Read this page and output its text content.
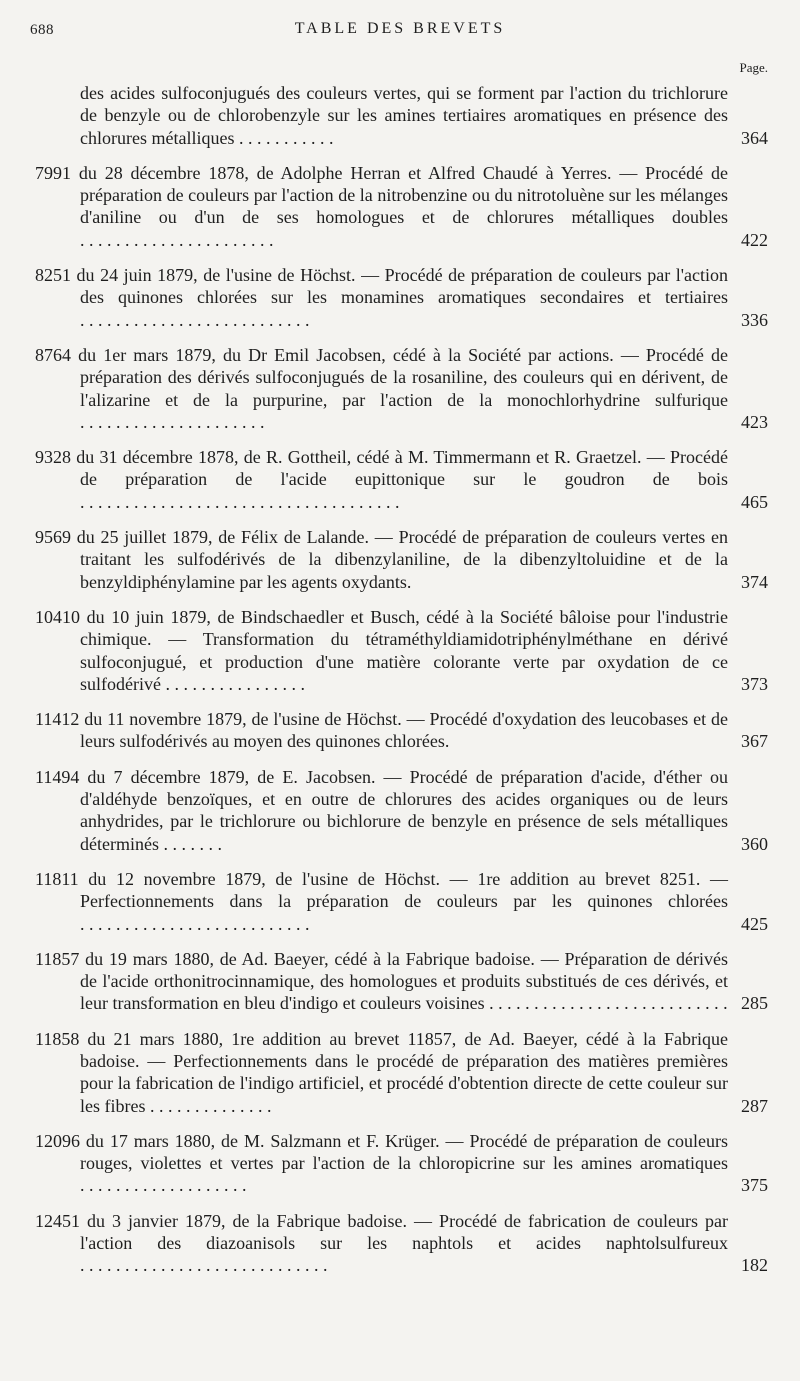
688	TABLE DES BREVETS
Page.
des acides sulfoconjugués des couleurs vertes, qui se forment par l'action du trichlorure de benzyle ou de chlorobenzyle sur les amines tertiaires aromatiques en présence des chlorures métalliques . . . . . . . . . . .	364
7991 du 28 décembre 1878, de Adolphe Herran et Alfred Chaudé à Yerres. — Procédé de préparation de couleurs par l'action de la nitrobenzine ou du nitrotoluène sur les mélanges d'aniline ou d'un de ses homologues et de chlorures métalliques doubles . . . . . . . . . . . . . . . . . . . . . .	422
8251 du 24 juin 1879, de l'usine de Höchst. — Procédé de préparation de couleurs par l'action des quinones chlorées sur les monamines aromatiques secondaires et tertiaires . . . . . . . . . . . . . . . . . . . . . . . . . .	336
8764 du 1er mars 1879, du Dr Emil Jacobsen, cédé à la Société par actions. — Procédé de préparation des dérivés sulfoconjugués de la rosaniline, des couleurs qui en dérivent, de l'alizarine et de la purpurine, par l'action de la monochlorhydrine sulfurique . . . . . . . . . . . . . . . . . . . . .	423
9328 du 31 décembre 1878, de R. Gottheil, cédé à M. Timmermann et R. Graetzel. — Procédé de préparation de l'acide eupittonique sur le goudron de bois . . . . . . . . . . . . . . . . . . . . . . . . . . . . . . . . . . . .	465
9569 du 25 juillet 1879, de Félix de Lalande. — Procédé de préparation de couleurs vertes en traitant les sulfodérivés de la dibenzylaniline, de la dibenzyltoluidine et de la benzyldiphénylamine par les agents oxydants.	374
10410 du 10 juin 1879, de Bindschaedler et Busch, cédé à la Société bâloise pour l'industrie chimique. — Transformation du tétraméthyldiamidotriphénylméthane en dérivé sulfoconjugué, et production d'une matière colorante verte par oxydation de ce sulfodérivé . . . . . . . . . . . . . . . .	373
11412 du 11 novembre 1879, de l'usine de Höchst. — Procédé d'oxydation des leucobases et de leurs sulfodérivés au moyen des quinones chlorées.	367
11494 du 7 décembre 1879, de E. Jacobsen. — Procédé de préparation d'acide, d'éther ou d'aldéhyde benzoïques, et en outre de chlorures des acides organiques ou de leurs anhydrides, par le trichlorure ou bichlorure de benzyle en présence de sels métalliques déterminés . . . . . . .	360
11811 du 12 novembre 1879, de l'usine de Höchst. — 1re addition au brevet 8251. — Perfectionnements dans la préparation de couleurs par les quinones chlorées . . . . . . . . . . . . . . . . . . . . . . . . . .	425
11857 du 19 mars 1880, de Ad. Baeyer, cédé à la Fabrique badoise. — Préparation de dérivés de l'acide orthonitrocinnamique, des homologues et produits substitués de ces dérivés, et leur transformation en bleu d'indigo et couleurs voisines . . . . . . . . . . . . . . . . . . . . . . . . . . . 285
11858 du 21 mars 1880, 1re addition au brevet 11857, de Ad. Baeyer, cédé à la Fabrique badoise. — Perfectionnements dans le procédé de préparation des matières premières pour la fabrication de l'indigo artificiel, et procédé d'obtention directe de cette couleur sur les fibres . . . . . . . . . . . . . .	287
12096 du 17 mars 1880, de M. Salzmann et F. Krüger. — Procédé de préparation de couleurs rouges, violettes et vertes par l'action de la chloropicrine sur les amines aromatiques . . . . . . . . . . . . . . . . . . .	375
12451 du 3 janvier 1879, de la Fabrique badoise. — Procédé de fabrication de couleurs par l'action des diazoanisols sur les naphtols et acides naphtolsulfureux . . . . . . . . . . . . . . . . . . . . . . . . . . . .	182
